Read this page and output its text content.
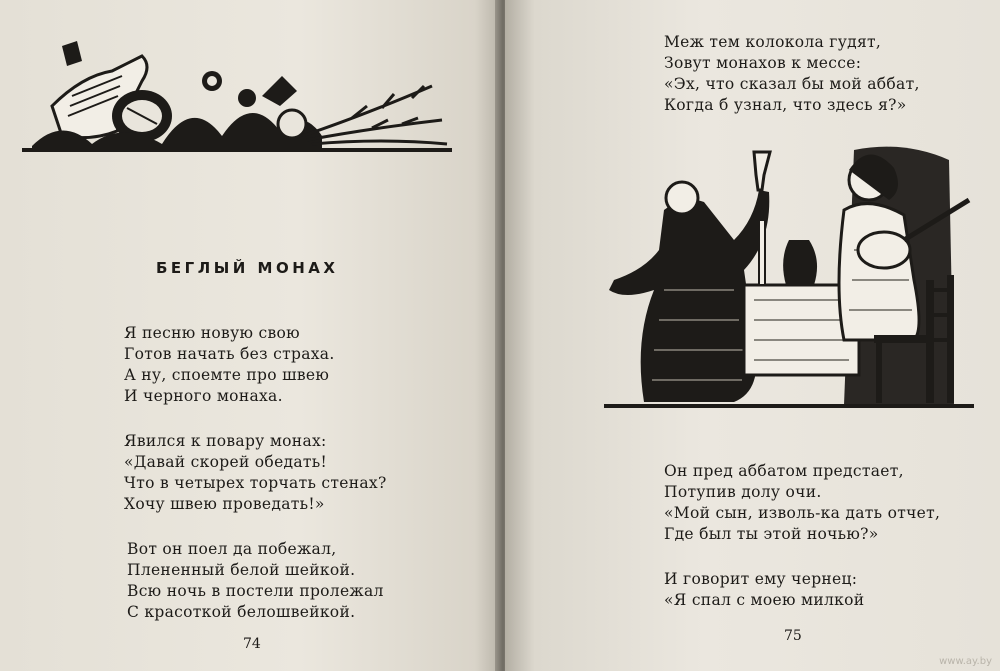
БЕГЛЫЙ МОНАХ
Я песню новую свою
Готов начать без страха.
А ну, споемте про швею
И черного монаха.
Явился к повару монах:
«Давай скорей обедать!
Что в четырех торчать стенах?
Хочу швею проведать!»
Вот он поел да побежал,
Плененный белой шейкой.
Всю ночь в постели пролежал
С красоткой белошвейкой.
74
Меж тем колокола гудят,
Зовут монахов к мессе:
«Эх, что сказал бы мой аббат,
Когда б узнал, что здесь я?»
Он пред аббатом предстает,
Потупив долу очи.
«Мой сын, изволь-ка дать отчет,
Где был ты этой ночью?»
И говорит ему чернец:
«Я спал с моею милкой
75
www.ay.by
